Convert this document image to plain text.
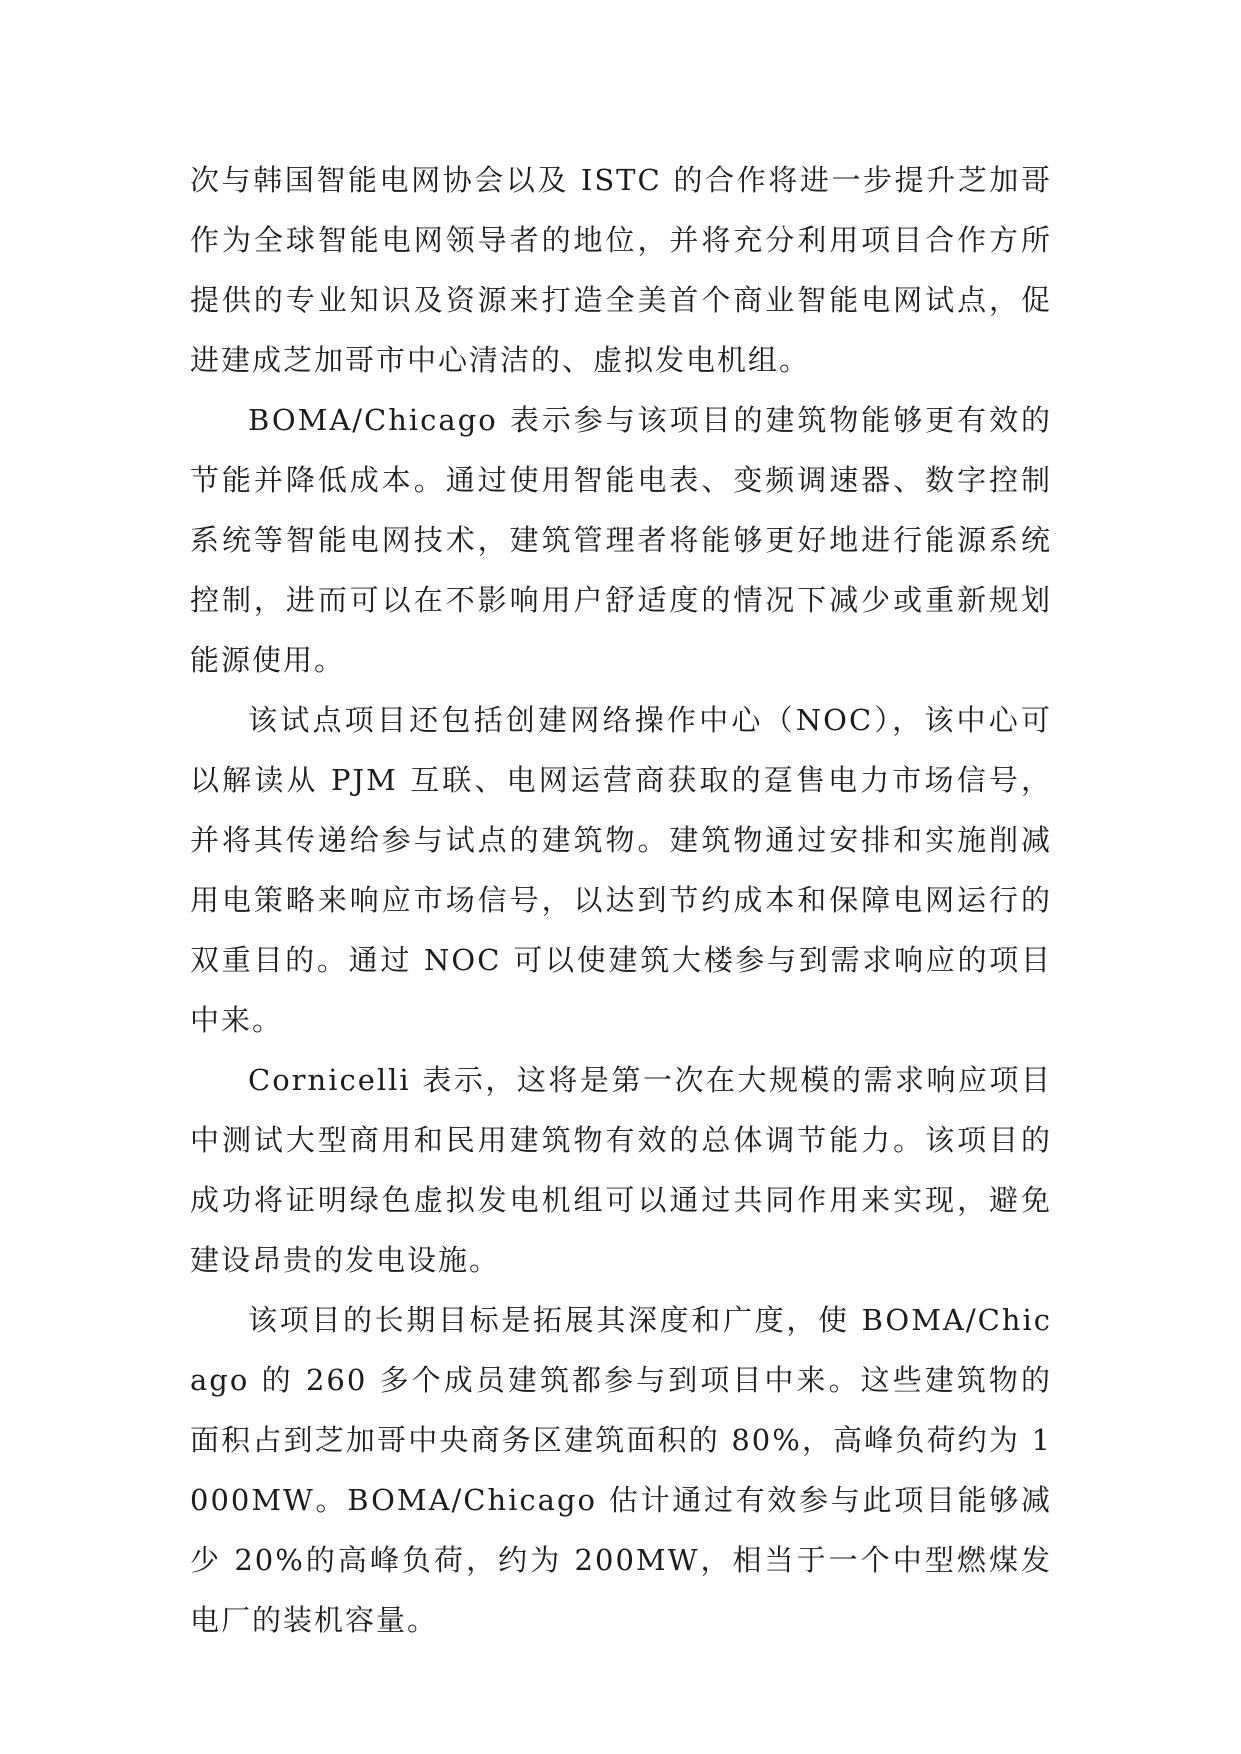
次与韩国智能电网协会以及 ISTC 的合作将进一步提升芝加哥作为全球智能电网领导者的地位，并将充分利用项目合作方所提供的专业知识及资源来打造全美首个商业智能电网试点，促进建成芝加哥市中心清洁的、虚拟发电机组。

BOMA/Chicago 表示参与该项目的建筑物能够更有效的节能并降低成本。通过使用智能电表、变频调速器、数字控制系统等智能电网技术，建筑管理者将能够更好地进行能源系统控制，进而可以在不影响用户舒适度的情况下减少或重新规划能源使用。

该试点项目还包括创建网络操作中心（NOC），该中心可以解读从 PJM 互联、电网运营商获取的趸售电力市场信号，并将其传递给参与试点的建筑物。建筑物通过安排和实施削减用电策略来响应市场信号，以达到节约成本和保障电网运行的双重目的。通过 NOC 可以使建筑大楼参与到需求响应的项目中来。

Cornicelli 表示，这将是第一次在大规模的需求响应项目中测试大型商用和民用建筑物有效的总体调节能力。该项目的成功将证明绿色虚拟发电机组可以通过共同作用来实现，避免建设昂贵的发电设施。

该项目的长期目标是拓展其深度和广度，使 BOMA/Chicago 的 260 多个成员建筑都参与到项目中来。这些建筑物的面积占到芝加哥中央商务区建筑面积的 80%，高峰负荷约为 1000MW。BOMA/Chicago 估计通过有效参与此项目能够减少 20%的高峰负荷，约为 200MW，相当于一个中型燃煤发电厂的装机容量。
